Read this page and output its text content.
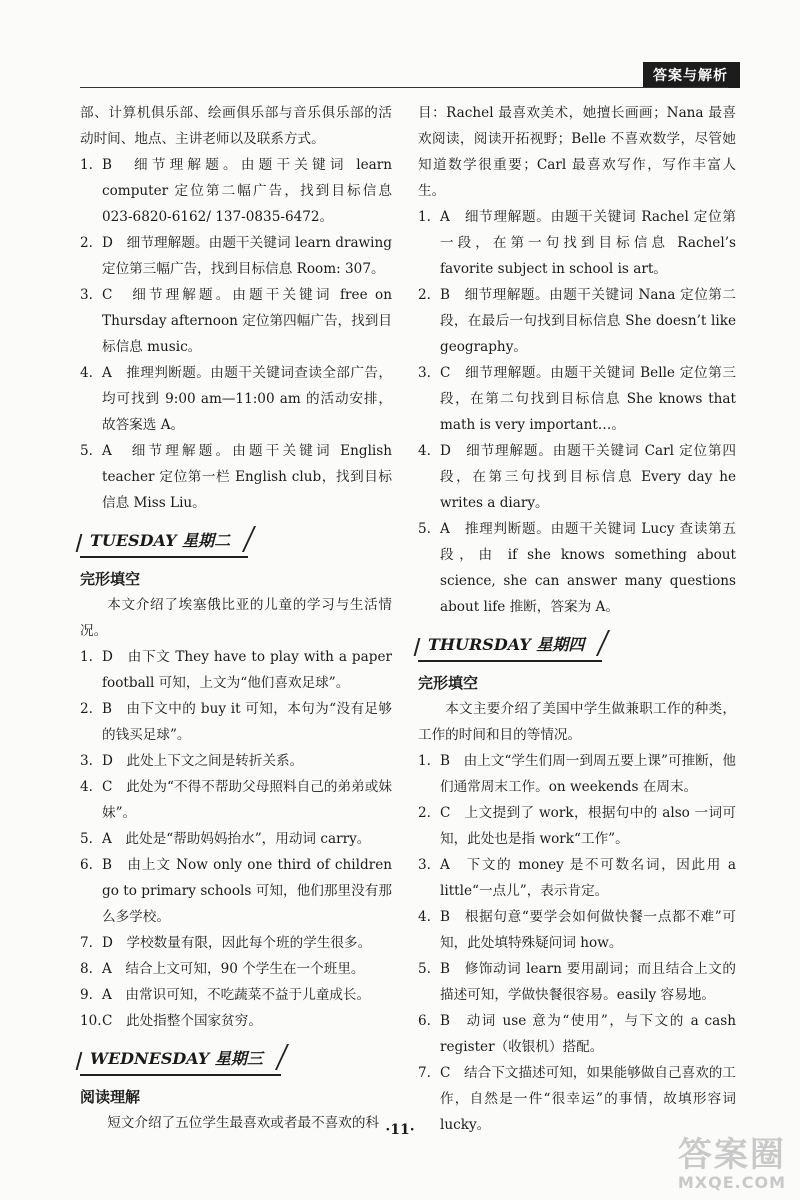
答案与解析

部、计算机俱乐部、绘画俱乐部与音乐俱乐部的活动时间、地点、主讲老师以及联系方式。

1. B　细节理解题。由题干关键词 learn computer 定位第二幅广告，找到目标信息 023-6820-6162/ 137-0835-6472。
2. D　细节理解题。由题干关键词 learn drawing 定位第三幅广告，找到目标信息 Room: 307。
3. C　细节理解题。由题干关键词 free on Thursday afternoon 定位第四幅广告，找到目标信息 music。
4. A　推理判断题。由题干关键词查读全部广告，均可找到 9:00 am—11:00 am 的活动安排，故答案选 A。
5. A　细节理解题。由题干关键词 English teacher 定位第一栏 English club，找到目标信息 Miss Liu。
TUESDAY 星期二

完形填空

本文介绍了埃塞俄比亚的儿童的学习与生活情况。

1. D　由下文 They have to play with a paper football 可知，上文为“他们喜欢足球”。
2. B　由下文中的 buy it 可知，本句为“没有足够的钱买足球”。
3. D　此处上下文之间是转折关系。
4. C　此处为“不得不帮助父母照料自己的弟弟或妹妹”。
5. A　此处是“帮助妈妈抬水”，用动词 carry。
6. B　由上文 Now only one third of children go to primary schools 可知，他们那里没有那么多学校。
7. D　学校数量有限，因此每个班的学生很多。
8. A　结合上文可知，90 个学生在一个班里。
9. A　由常识可知，不吃蔬菜不益于儿童成长。
10. C　此处指整个国家贫穷。
WEDNESDAY 星期三

阅读理解

短文介绍了五位学生最喜欢或者最不喜欢的科

目：Rachel 最喜欢美术，她擅长画画；Nana 最喜欢阅读，阅读开拓视野；Belle 不喜欢数学，尽管她知道数学很重要；Carl 最喜欢写作，写作丰富人生。

1. A　细节理解题。由题干关键词 Rachel 定位第一段，在第一句找到目标信息 Rachel’s favorite subject in school is art。
2. B　细节理解题。由题干关键词 Nana 定位第二段，在最后一句找到目标信息 She doesn’t like geography。
3. C　细节理解题。由题干关键词 Belle 定位第三段，在第二句找到目标信息 She knows that math is very important…。
4. D　细节理解题。由题干关键词 Carl 定位第四段，在第三句找到目标信息 Every day he writes a diary。
5. A　推理判断题。由题干关键词 Lucy 查读第五段，由 if she knows something about science, she can answer many questions about life 推断，答案为 A。
THURSDAY 星期四

完形填空

本文主要介绍了美国中学生做兼职工作的种类，工作的时间和目的等情况。

1. B　由上文“学生们周一到周五要上课”可推断，他们通常周末工作。on weekends 在周末。
2. C　上文提到了 work，根据句中的 also 一词可知，此处也是指 work“工作”。
3. A　下文的 money 是不可数名词，因此用 a little“一点儿”，表示肯定。
4. B　根据句意“要学会如何做快餐一点都不难”可知，此处填特殊疑问词 how。
5. B　修饰动词 learn 要用副词；而且结合上文的描述可知，学做快餐很容易。easily 容易地。
6. B　动词 use 意为“使用”，与下文的 a cash register（收银机）搭配。
7. C　结合下文描述可知，如果能够做自己喜欢的工作，自然是一件“很幸运”的事情，故填形容词 lucky。
·11·
答案圈
MXQE.COM
